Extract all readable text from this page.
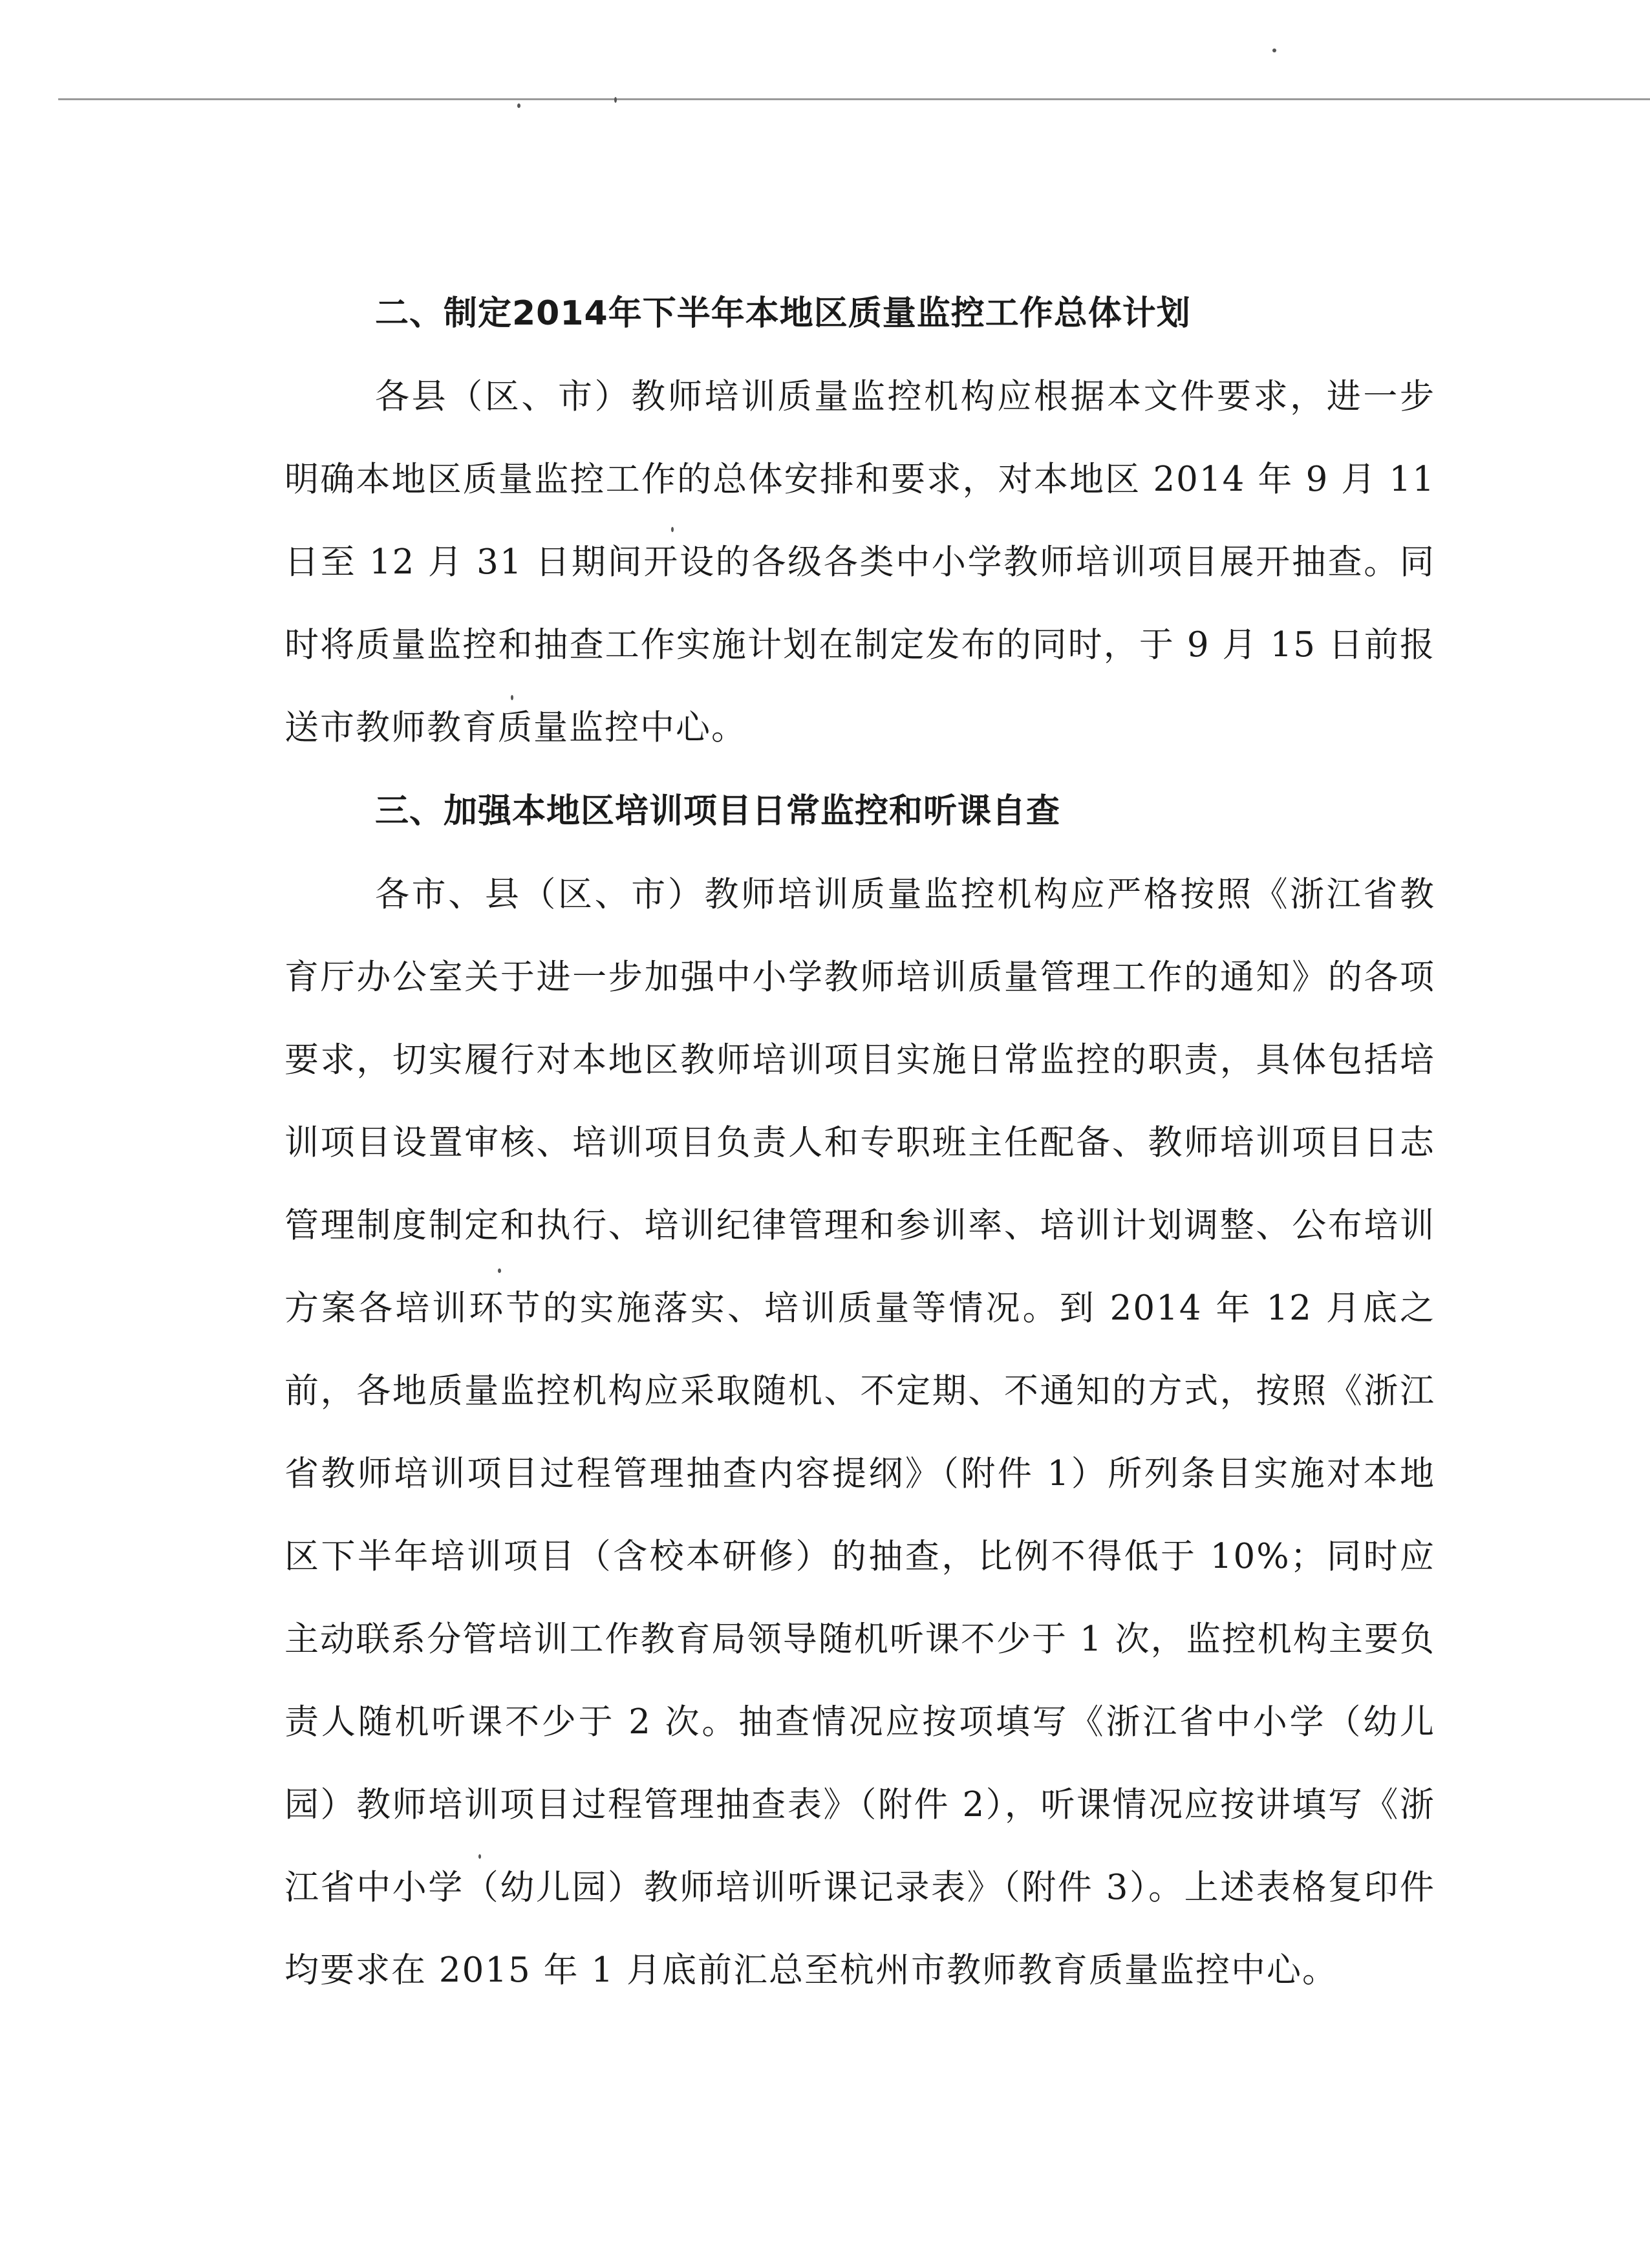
二、制定2014年下半年本地区质量监控工作总体计划

各县（区、市）教师培训质量监控机构应根据本文件要求，进一步明确本地区质量监控工作的总体安排和要求，对本地区 2014 年 9 月 11 日至 12 月 31 日期间开设的各级各类中小学教师培训项目展开抽查。同时将质量监控和抽查工作实施计划在制定发布的同时，于 9 月 15 日前报送市教师教育质量监控中心。

三、加强本地区培训项目日常监控和听课自查

各市、县（区、市）教师培训质量监控机构应严格按照《浙江省教育厅办公室关于进一步加强中小学教师培训质量管理工作的通知》的各项要求，切实履行对本地区教师培训项目实施日常监控的职责，具体包括培训项目设置审核、培训项目负责人和专职班主任配备、教师培训项目日志管理制度制定和执行、培训纪律管理和参训率、培训计划调整、公布培训方案各培训环节的实施落实、培训质量等情况。到 2014 年 12 月底之前，各地质量监控机构应采取随机、不定期、不通知的方式，按照《浙江省教师培训项目过程管理抽查内容提纲》（附件 1）所列条目实施对本地区下半年培训项目（含校本研修）的抽查，比例不得低于 10%；同时应主动联系分管培训工作教育局领导随机听课不少于 1 次，监控机构主要负责人随机听课不少于 2 次。抽查情况应按项填写《浙江省中小学（幼儿园）教师培训项目过程管理抽查表》（附件 2），听课情况应按讲填写《浙江省中小学（幼儿园）教师培训听课记录表》（附件 3）。上述表格复印件均要求在 2015 年 1 月底前汇总至杭州市教师教育质量监控中心。
